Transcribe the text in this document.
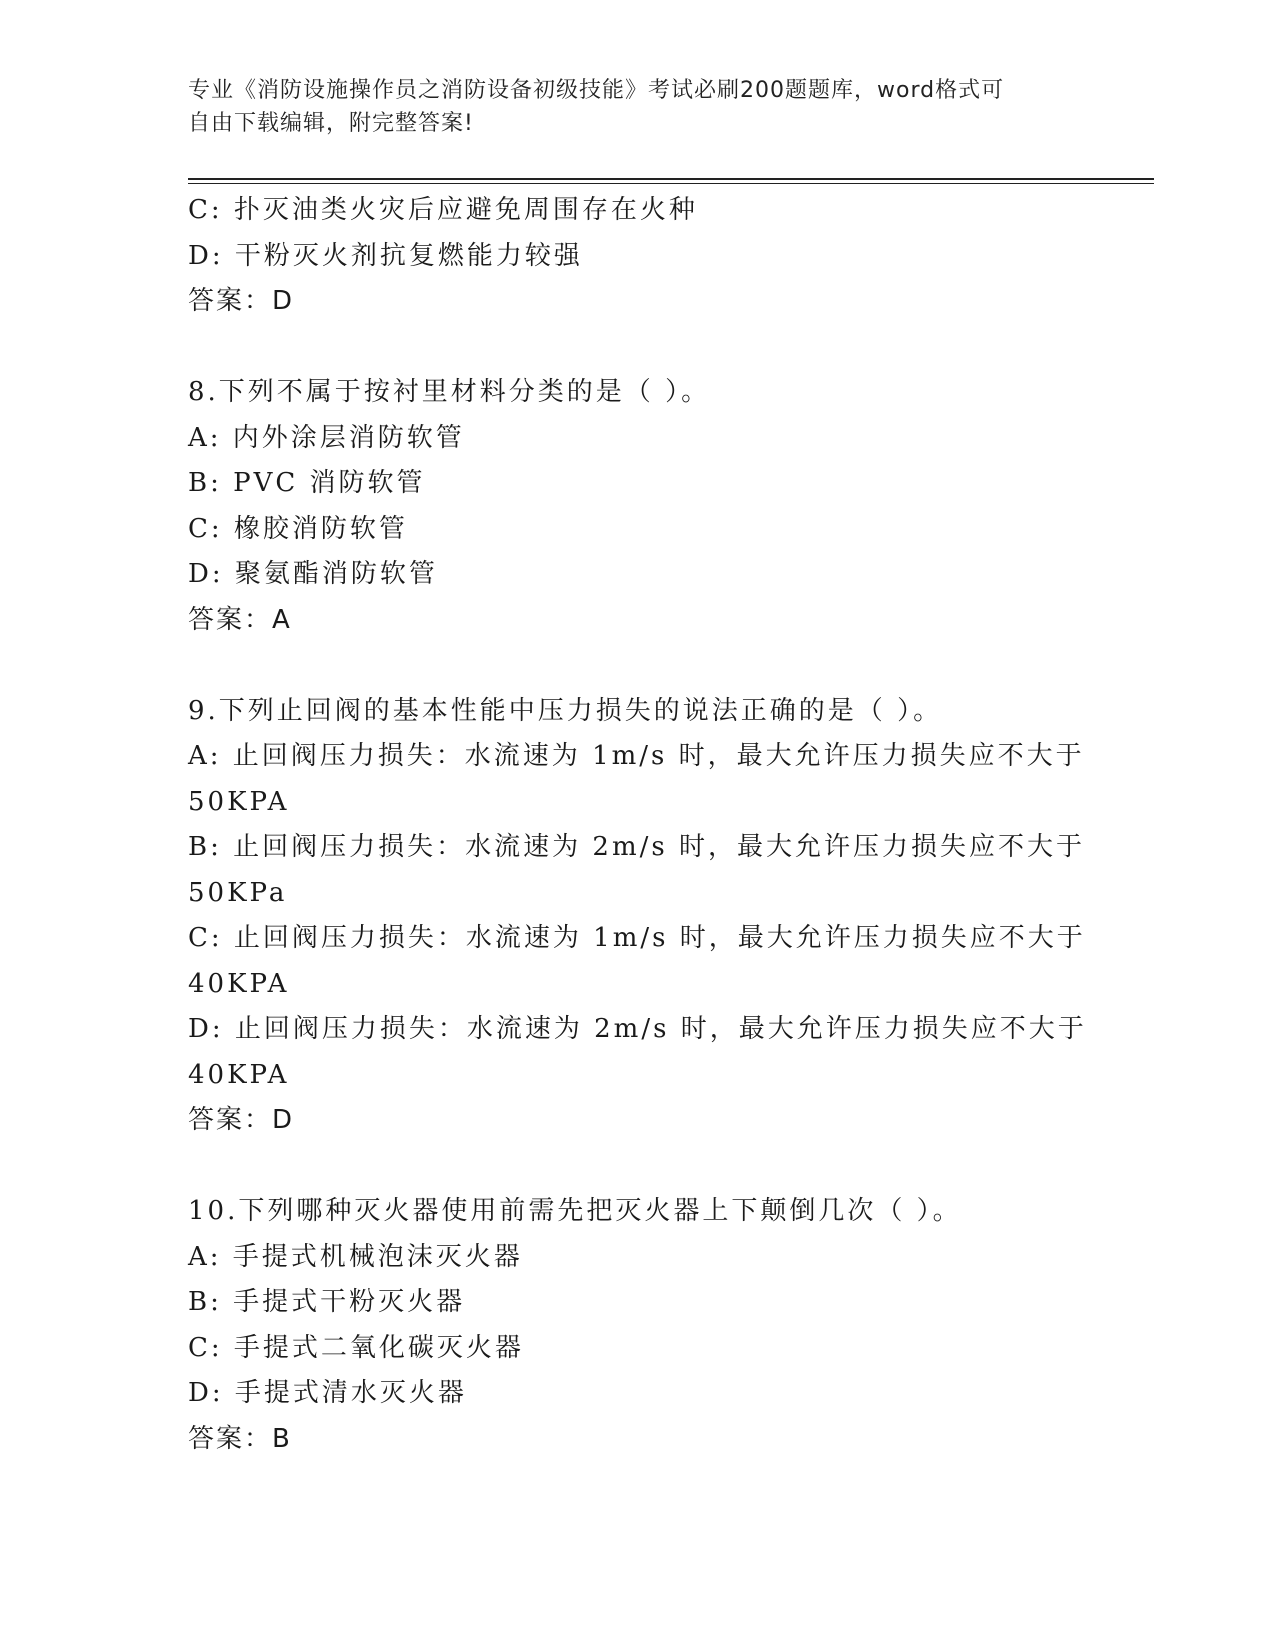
专业《消防设施操作员之消防设备初级技能》考试必刷200题题库，word格式可
自由下载编辑，附完整答案!
C: 扑灭油类火灾后应避免周围存在火种
D: 干粉灭火剂抗复燃能力较强
答案：D
8.下列不属于按衬里材料分类的是（ ）。
A: 内外涂层消防软管
B: PVC 消防软管
C: 橡胶消防软管
D: 聚氨酯消防软管
答案：A
9.下列止回阀的基本性能中压力损失的说法正确的是（ ）。
A: 止回阀压力损失：水流速为 1m/s 时，最大允许压力损失应不大于
50KPA
B: 止回阀压力损失：水流速为 2m/s 时，最大允许压力损失应不大于
50KPa
C: 止回阀压力损失：水流速为 1m/s 时，最大允许压力损失应不大于
40KPA
D: 止回阀压力损失：水流速为 2m/s 时，最大允许压力损失应不大于
40KPA
答案：D
10.下列哪种灭火器使用前需先把灭火器上下颠倒几次（ ）。
A: 手提式机械泡沫灭火器
B: 手提式干粉灭火器
C: 手提式二氧化碳灭火器
D: 手提式清水灭火器
答案：B
